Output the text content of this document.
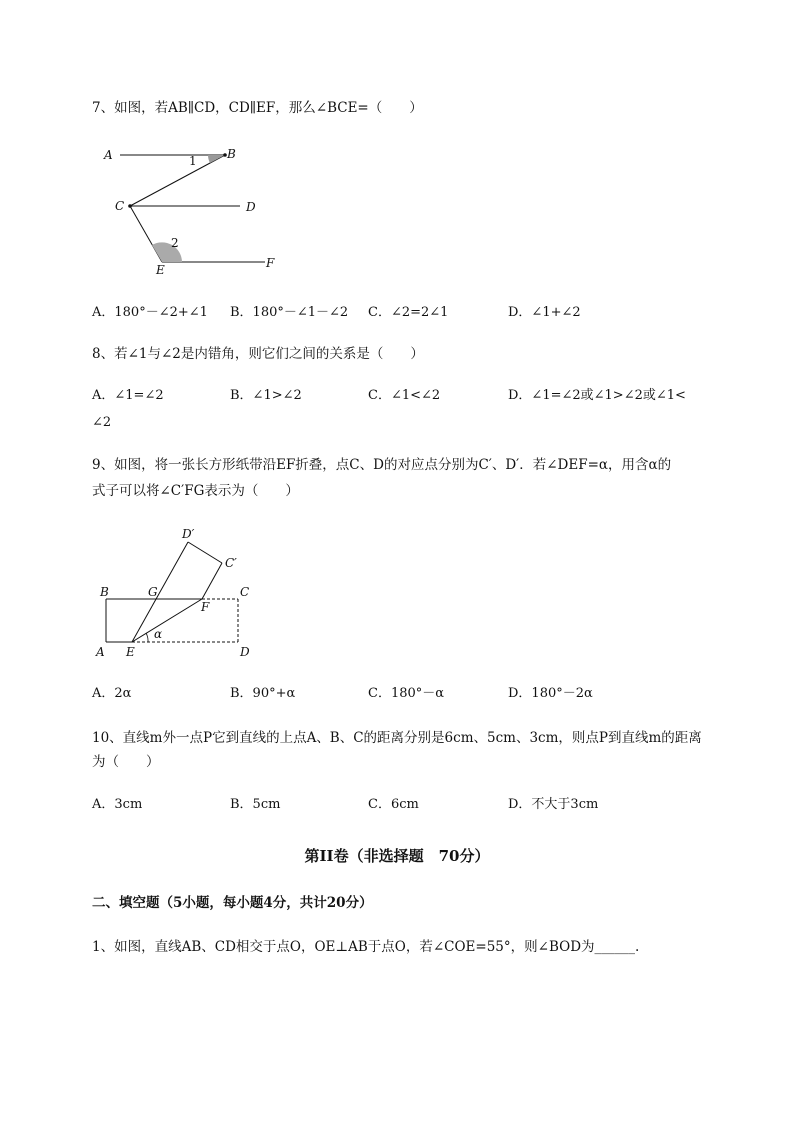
7、如图，若AB∥CD，CD∥EF，那么∠BCE=（　　）
A	B
C	D
E	F
1
2
A．180°－∠2+∠1 B．180°－∠1－∠2 C．∠2=2∠1	D．∠1+∠2
8、若∠1与∠2是内错角，则它们之间的关系是（　　）
A．∠1=∠2	B．∠1>∠2	C．∠1<∠2	D．∠1=∠2或∠1>∠2或∠1<
∠2
9、如图，将一张长方形纸带沿EF折叠，点C、D的对应点分别为C′、D′．若∠DEF=α，用含α的
式子可以将∠C′FG表示为（　　）
D′
C′
B	G	C
F
A E	D
α
A．2α	B．90°+α	C．180°－α	D．180°－2α
10、直线m外一点P它到直线的上点A、B、C的距离分别是6cm、5cm、3cm，则点P到直线m的距离
为（　　）
A．3cm	B．5cm	C．6cm	D．不大于3cm
第II卷（非选择题　70分）
二、填空题（5小题，每小题4分，共计20分）
1、如图，直线AB、CD相交于点O，OE⊥AB于点O，若∠COE=55°，则∠BOD为______.
